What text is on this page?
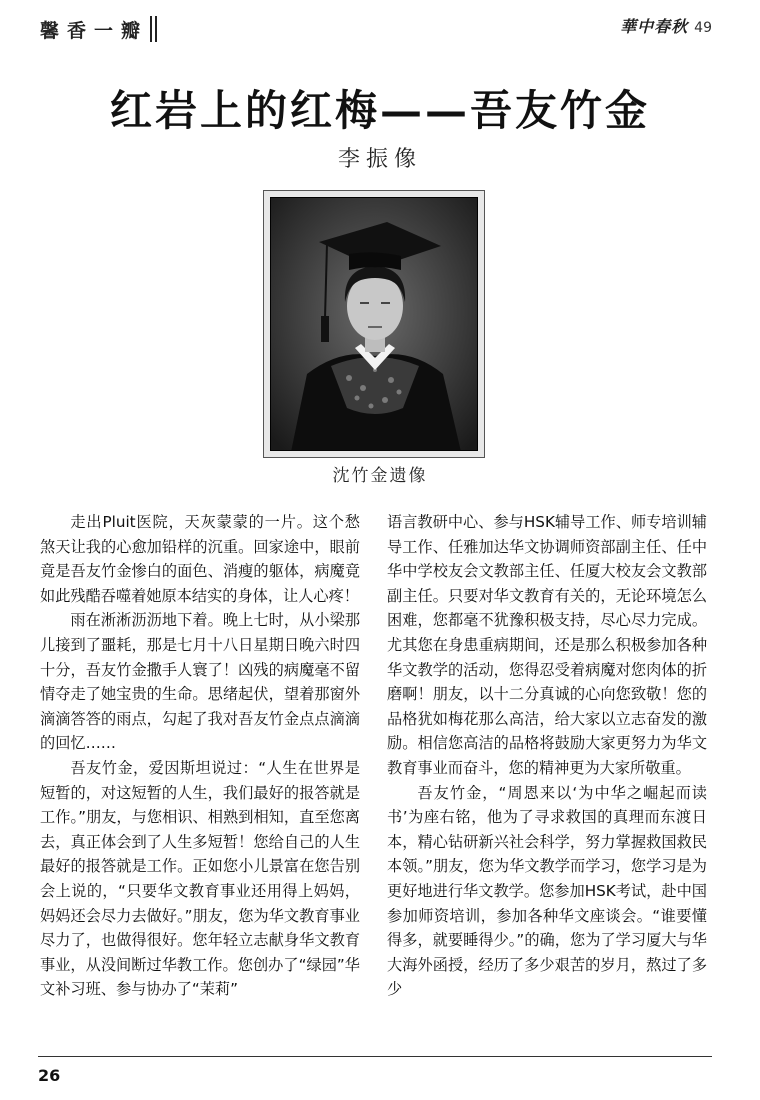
馨香一瓣	華中春秋 49
红岩上的红梅——吾友竹金
李振像
沈竹金遗像

走出Pluit医院，天灰蒙蒙的一片。这个愁煞天让我的心愈加铅样的沉重。回家途中，眼前竟是吾友竹金惨白的面色、消瘦的躯体，病魔竟如此残酷吞噬着她原本结实的身体，让人心疼！

雨在淅淅沥沥地下着。晚上七时，从小梁那儿接到了噩耗，那是七月十八日星期日晚六时四十分，吾友竹金撒手人寰了！凶残的病魔毫不留情夺走了她宝贵的生命。思绪起伏，望着那窗外滴滴答答的雨点，勾起了我对吾友竹金点点滴滴的回忆……

吾友竹金，爱因斯坦说过：“人生在世界是短暂的，对这短暂的人生，我们最好的报答就是工作。”朋友，与您相识、相熟到相知，直至您离去，真正体会到了人生多短暂！您给自己的人生最好的报答就是工作。正如您小儿景富在您告别会上说的，“只要华文教育事业还用得上妈妈，妈妈还会尽力去做好。”朋友，您为华文教育事业尽力了，也做得很好。您年轻立志献身华文教育事业，从没间断过华教工作。您创办了“绿园”华文补习班、参与协办了“茉莉”

语言教研中心、参与HSK辅导工作、师专培训辅导工作、任雅加达华文协调师资部副主任、任中华中学校友会文教部主任、任厦大校友会文教部副主任。只要对华文教育有关的，无论环境怎么困难，您都毫不犹豫积极支持，尽心尽力完成。尤其您在身患重病期间，还是那么积极参加各种华文教学的活动，您得忍受着病魔对您肉体的折磨啊！朋友，以十二分真诚的心向您致敬！您的品格犹如梅花那么高洁，给大家以立志奋发的激励。相信您高洁的品格将鼓励大家更努力为华文教育事业而奋斗，您的精神更为大家所敬重。

吾友竹金，“周恩来以‘为中华之崛起而读书’为座右铭，他为了寻求救国的真理而东渡日本，精心钻研新兴社会科学，努力掌握救国救民本领。”朋友，您为华文教学而学习，您学习是为更好地进行华文教学。您参加HSK考试，赴中国参加师资培训，参加各种华文座谈会。“谁要懂得多，就要睡得少。”的确，您为了学习厦大与华大海外函授，经历了多少艰苦的岁月，熬过了多少

26
